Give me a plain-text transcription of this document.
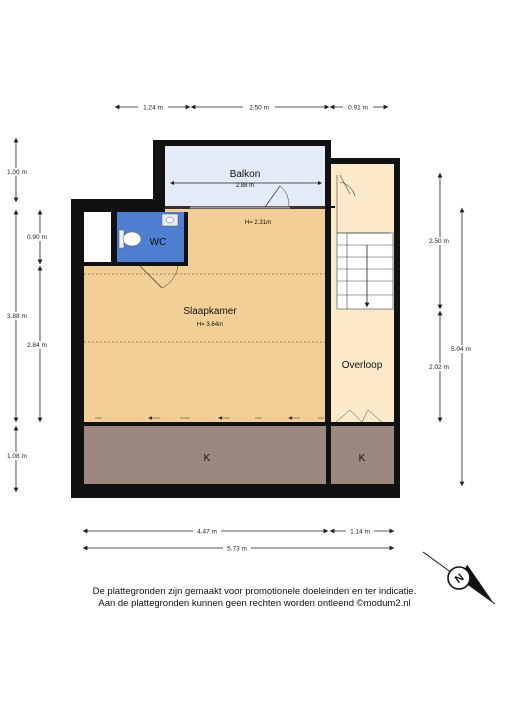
1.24 m	2.50 m	0.91 m
1.00 m
3.88 m
1.08 m
0.90 m
2.84 m
2.50 m
2.02 m
5.04 m
4.47 m	1.14 m
5.73 m
Balkon
2.88 m
H= 2.31m
WC
Slaapkamer
H= 3.64m
Overloop
K	K
N
De plattegronden zijn gemaakt voor promotionele doeleinden en ter indicatie.
Aan de plattegronden kunnen geen rechten worden ontleend ©modum2.nl
